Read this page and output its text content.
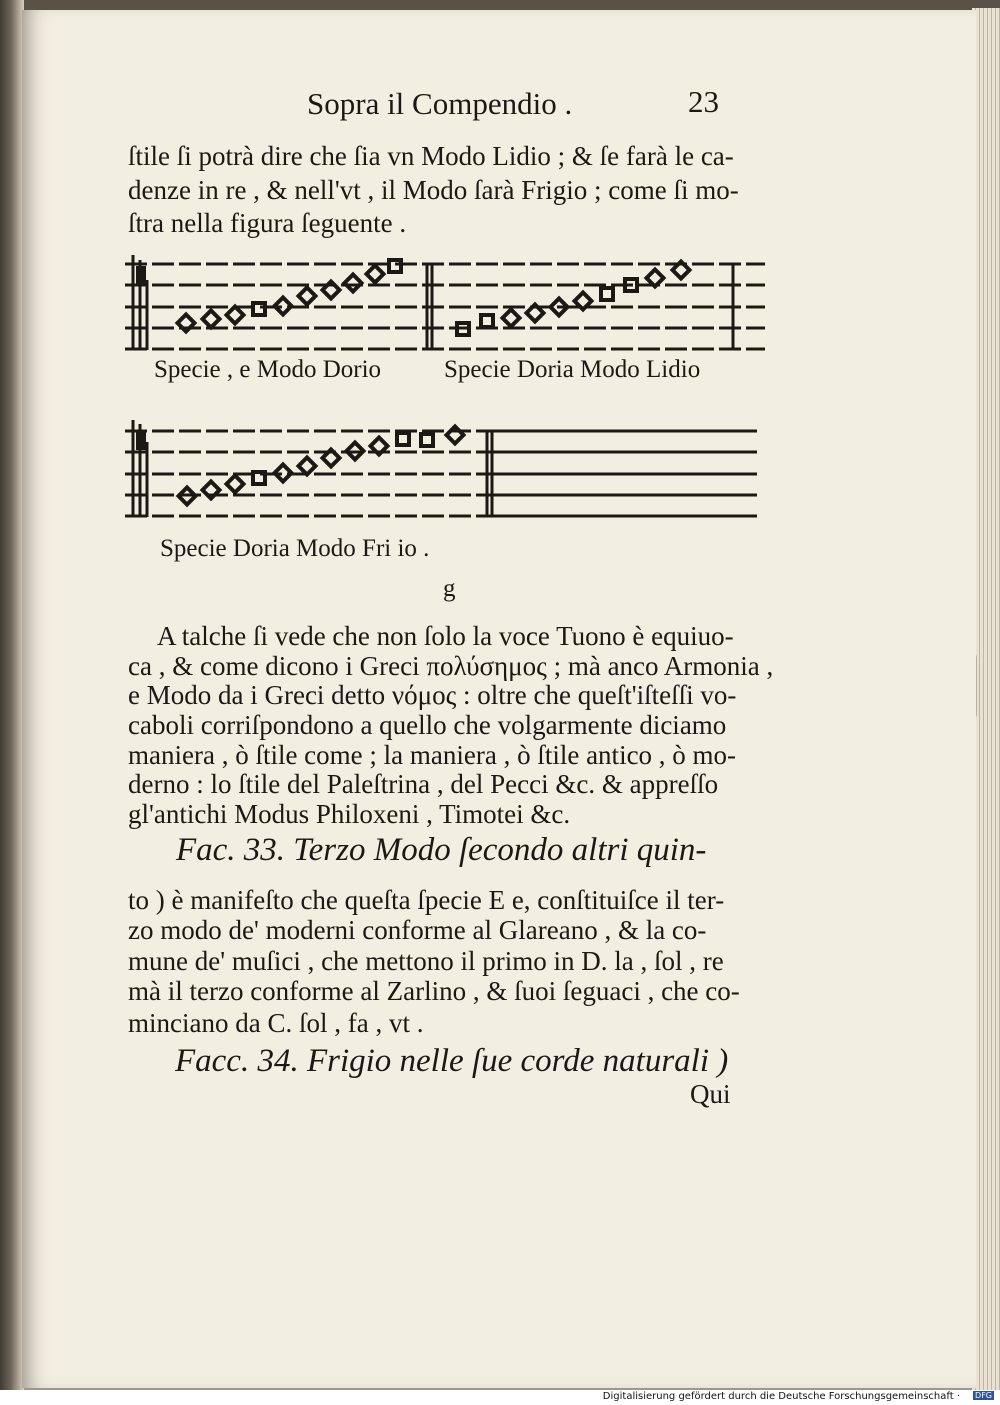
Sopra il Compendio .	23
ſtile ſi potrà dire che ſia vn Modo Lidio ; & ſe farà le ca-
denze in re , & nell'vt , il Modo ſarà Frigio ; come ſi mo-
ſtra nella figura ſeguente .
Specie , e Modo Dorio	Specie Doria Modo Lidio
Specie Doria Modo Fri io .
g
A talche ſi vede che non ſolo la voce Tuono è equiuo-
ca , & come dicono i Greci πολύσημος ; mà anco Armonia ,
e Modo da i Greci detto νόμος : oltre che queſt'iſteſſi vo-
caboli corriſpondono a quello che volgarmente diciamo
maniera , ò ſtile come ; la maniera , ò ſtile antico , ò mo-
derno : lo ſtile del Paleſtrina , del Pecci &c. & appreſſo
gl'antichi Modus Philoxeni , Timotei &c.
Fac. 33. Terzo Modo ſecondo altri quin-
to ) è manifeſto che queſta ſpecie E e, conſtituiſce il ter-
zo modo de' moderni conforme al Glareano , & la co-
mune de' muſici , che mettono il primo in D. la , ſol , re
mà il terzo conforme al Zarlino , & ſuoi ſeguaci , che co-
minciano da C. ſol , fa , vt .
Facc. 34. Frigio nelle ſue corde naturali )
Qui
Digitalisierung gefördert durch die Deutsche Forschungsgemeinschaft · DFG
